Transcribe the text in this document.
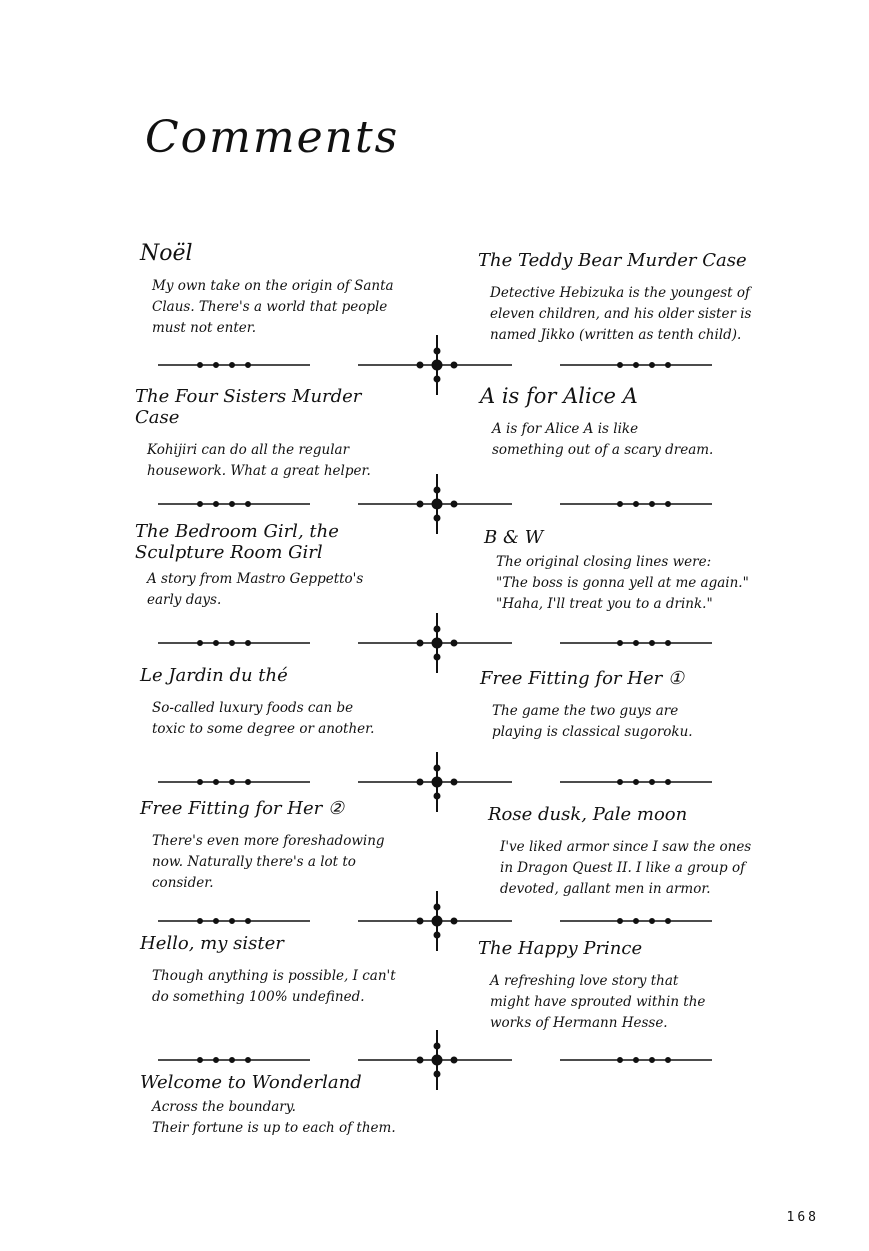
Comments
Noël
My own take on the origin of Santa
Claus. There's a world that people
must not enter.
The Four Sisters Murder Case
Kohijiri can do all the regular
housework. What a great helper.
The Bedroom Girl, the
Sculpture Room Girl
A story from Mastro Geppetto's
early days.
Le Jardin du thé
So-called luxury foods can be
toxic to some degree or another.
Free Fitting for Her ②
There's even more foreshadowing
now. Naturally there's a lot to
consider.
Hello, my sister
Though anything is possible, I can't
do something 100% undefined.
Welcome to Wonderland
Across the boundary.
Their fortune is up to each of them.
The Teddy Bear Murder Case
Detective Hebizuka is the youngest of
eleven children, and his older sister is
named Jikko (written as tenth child).
A is for Alice A
A is for Alice A is like
something out of a scary dream.
B & W
The original closing lines were:
"The boss is gonna yell at me again."
"Haha, I'll treat you to a drink."
Free Fitting for Her ①
The game the two guys are
playing is classical sugoroku.
Rose dusk, Pale moon
I've liked armor since I saw the ones
in Dragon Quest II. I like a group of
devoted, gallant men in armor.
The Happy Prince
A refreshing love story that
might have sprouted within the
works of Hermann Hesse.
168
